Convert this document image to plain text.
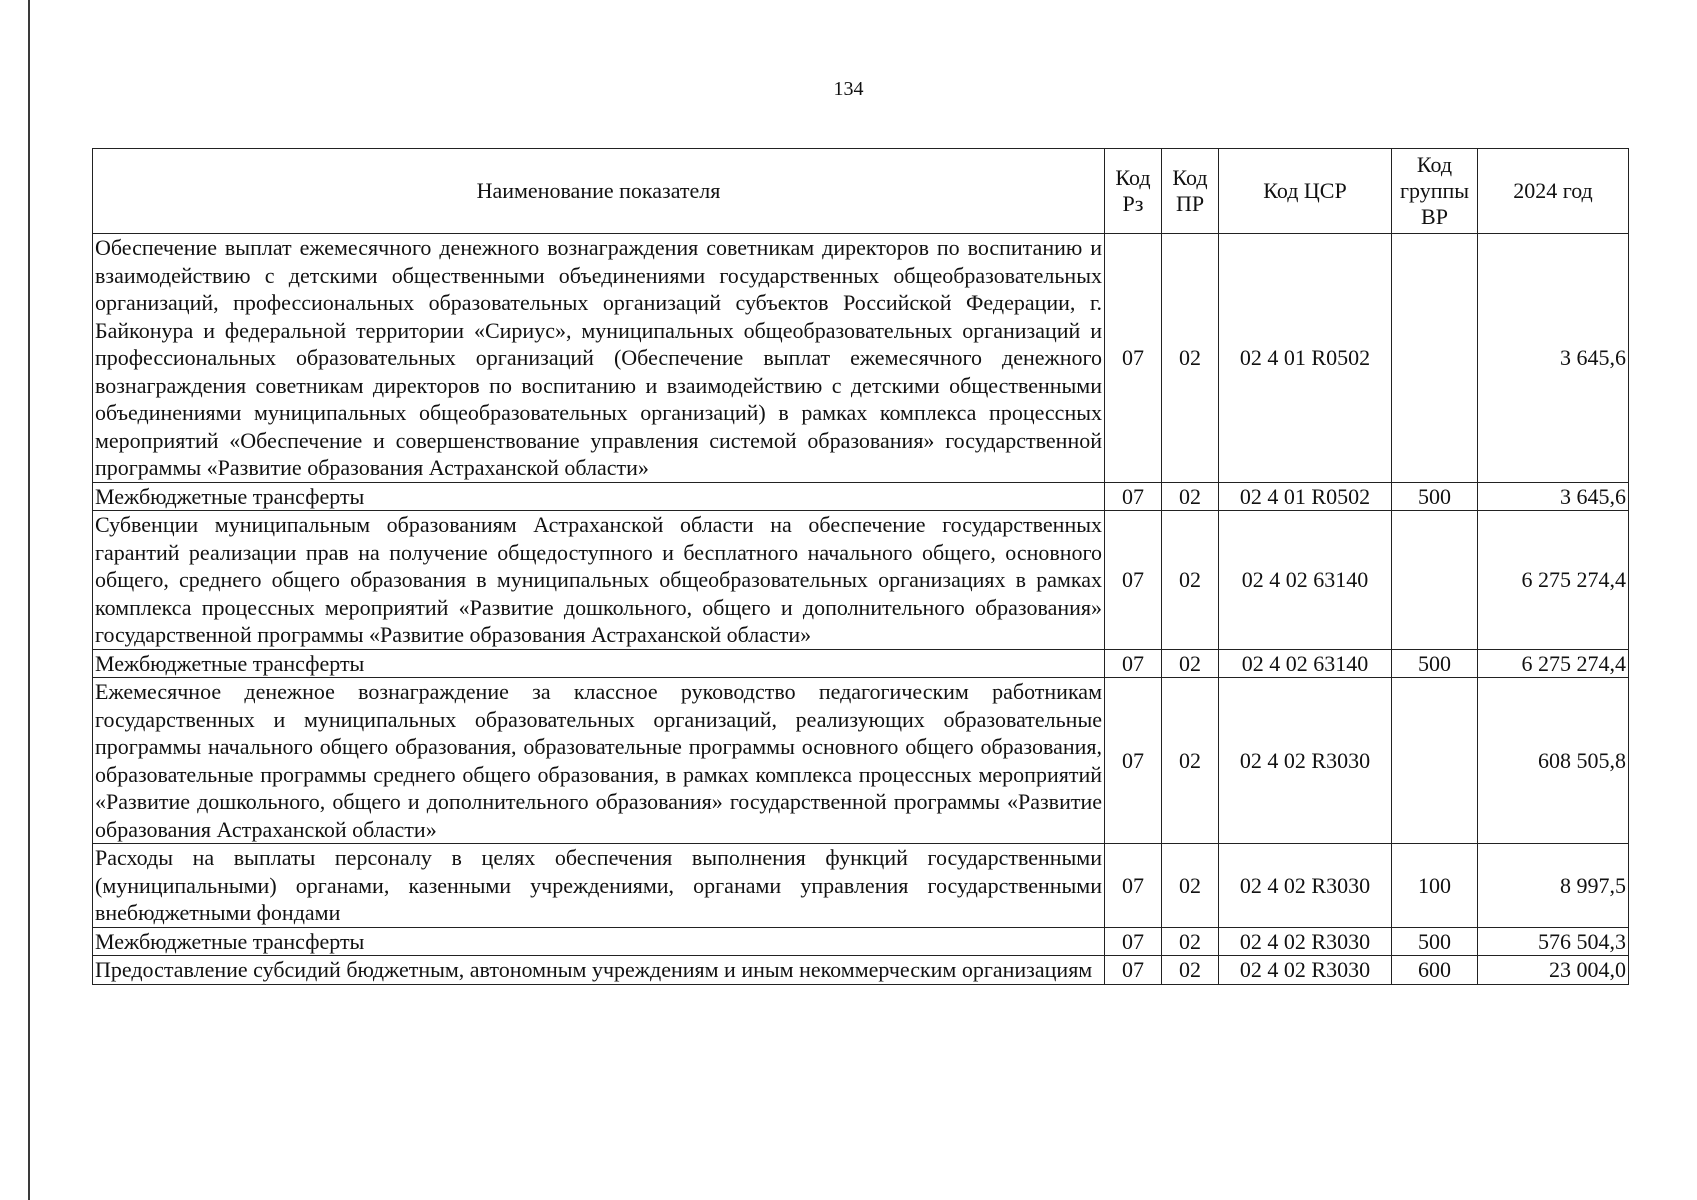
134
Наименование показателя	Код Рз	Код ПР	Код ЦСР	Код группы ВР	2024 год
Обеспечение выплат ежемесячного денежного вознаграждения советникам директоров по воспитанию и взаимодействию с детскими общественными объединениями государственных общеобразовательных организаций, профессиональных образовательных организаций субъектов Российской Федерации, г. Байконура и федеральной территории «Сириус», муниципальных общеобразовательных организаций и профессиональных образовательных организаций (Обеспечение выплат ежемесячного денежного вознаграждения советникам директоров по воспитанию и взаимодействию с детскими общественными объединениями муниципальных общеобразовательных организаций) в рамках комплекса процессных мероприятий «Обеспечение и совершенствование управления системой образования» государственной программы «Развитие образования Астраханской области»	07	02	02 4 01 R0502		3 645,6
Межбюджетные трансферты	07	02	02 4 01 R0502	500	3 645,6
Субвенции муниципальным образованиям Астраханской области на обеспечение государственных гарантий реализации прав на получение общедоступного и бесплатного начального общего, основного общего, среднего общего образования в муниципальных общеобразовательных организациях в рамках комплекса процессных мероприятий «Развитие дошкольного, общего и дополнительного образования» государственной программы «Развитие образования Астраханской области»	07	02	02 4 02 63140		6 275 274,4
Межбюджетные трансферты	07	02	02 4 02 63140	500	6 275 274,4
Ежемесячное денежное вознаграждение за классное руководство педагогическим работникам государственных и муниципальных образовательных организаций, реализующих образовательные программы начального общего образования, образовательные программы основного общего образования, образовательные программы среднего общего образования, в рамках комплекса процессных мероприятий «Развитие дошкольного, общего и дополнительного образования» государственной программы «Развитие образования Астраханской области»	07	02	02 4 02 R3030		608 505,8
Расходы на выплаты персоналу в целях обеспечения выполнения функций государственными (муниципальными) органами, казенными учреждениями, органами управления государственными внебюджетными фондами	07	02	02 4 02 R3030	100	8 997,5
Межбюджетные трансферты	07	02	02 4 02 R3030	500	576 504,3
Предоставление субсидий бюджетным, автономным учреждениям и иным некоммерческим организациям	07	02	02 4 02 R3030	600	23 004,0
